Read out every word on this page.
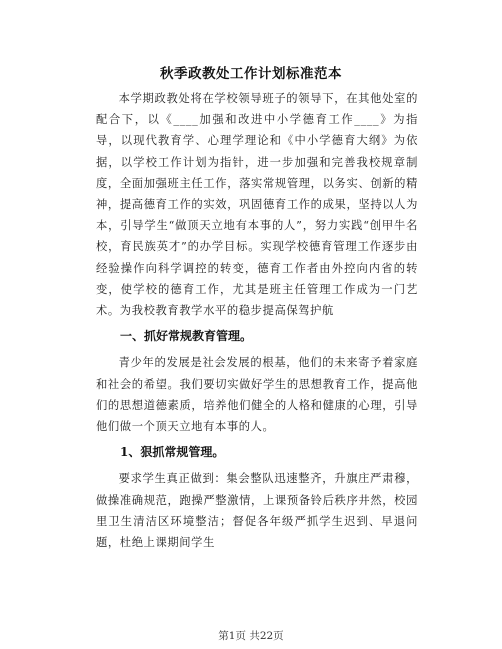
秋季政教处工作计划标准范本

本学期政教处将在学校领导班子的领导下，在其他处室的配合下，以《____加强和改进中小学德育工作____》为指导，以现代教育学、心理学理论和《中小学德育大纲》为依据，以学校工作计划为指针，进一步加强和完善我校规章制度，全面加强班主任工作，落实常规管理，以务实、创新的精神，提高德育工作的实效，巩固德育工作的成果，坚持以人为本，引导学生“做顶天立地有本事的人”，努力实践“创甲牛名校，育民族英才”的办学目标。实现学校德育管理工作逐步由经验操作向科学调控的转变，德育工作者由外控向内省的转变，使学校的德育工作，尤其是班主任管理工作成为一门艺术。为我校教育教学水平的稳步提高保驾护航

一、抓好常规教育管理。

青少年的发展是社会发展的根基，他们的未来寄予着家庭和社会的希望。我们要切实做好学生的思想教育工作，提高他们的思想道德素质，培养他们健全的人格和健康的心理，引导他们做一个顶天立地有本事的人。

1、狠抓常规管理。

要求学生真正做到：集会整队迅速整齐，升旗庄严肃穆，做操准确规范，跑操严整激情，上课预备铃后秩序井然，校园里卫生清洁区环境整洁；督促各年级严抓学生迟到、早退问题，杜绝上课期间学生

第1页 共22页
